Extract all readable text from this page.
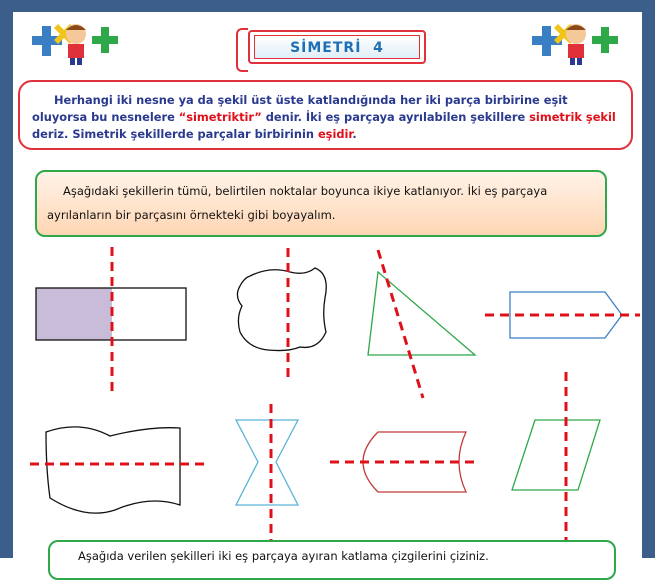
SİMETRİ  4
Herhangi iki nesne ya da şekil üst üste katlandığında her iki parça birbirine eşit
oluyorsa bu nesnelere “simetriktir” denir. İki eş parçaya ayrılabilen şekillere simetrik şekil
deriz. Simetrik şekillerde parçalar birbirinin eşidir.
Aşağıdaki şekillerin tümü, belirtilen noktalar boyunca ikiye katlanıyor. İki eş parçaya
ayrılanların bir parçasını örnekteki gibi boyayalım.
Aşağıda verilen şekilleri iki eş parçaya ayıran katlama çizgilerini çiziniz.
